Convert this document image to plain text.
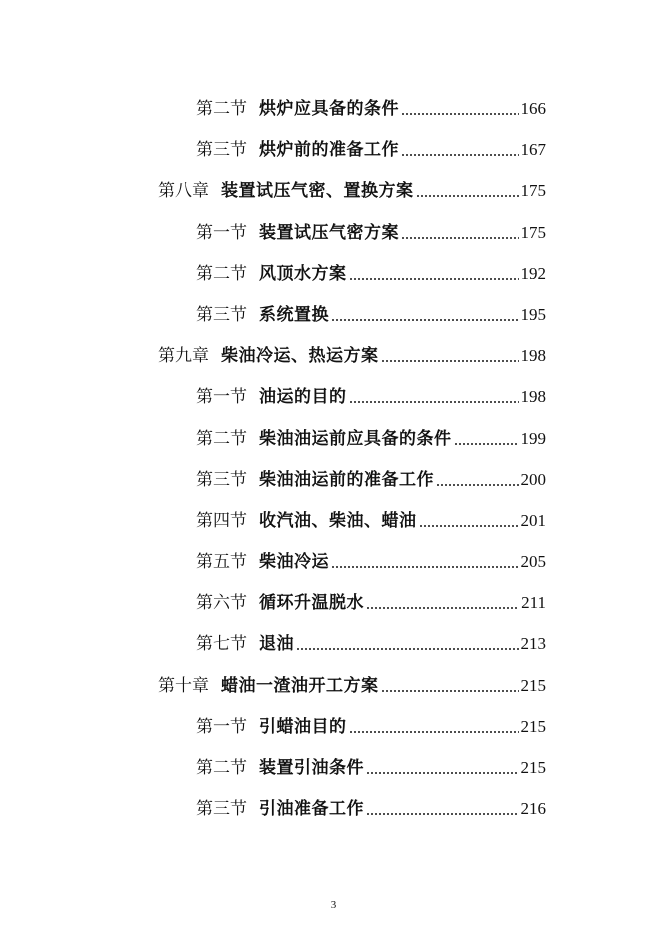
第二节 烘炉应具备的条件	166
第三节 烘炉前的准备工作	167
第八章 装置试压气密、置换方案	175
第一节 装置试压气密方案	175
第二节 风顶水方案	192
第三节 系统置换	195
第九章 柴油冷运、热运方案	198
第一节 油运的目的	198
第二节 柴油油运前应具备的条件	199
第三节 柴油油运前的准备工作	200
第四节 收汽油、柴油、蜡油	201
第五节 柴油冷运	205
第六节 循环升温脱水	211
第七节 退油	213
第十章 蜡油一渣油开工方案	215
第一节 引蜡油目的	215
第二节 装置引油条件	215
第三节 引油准备工作	216
3
